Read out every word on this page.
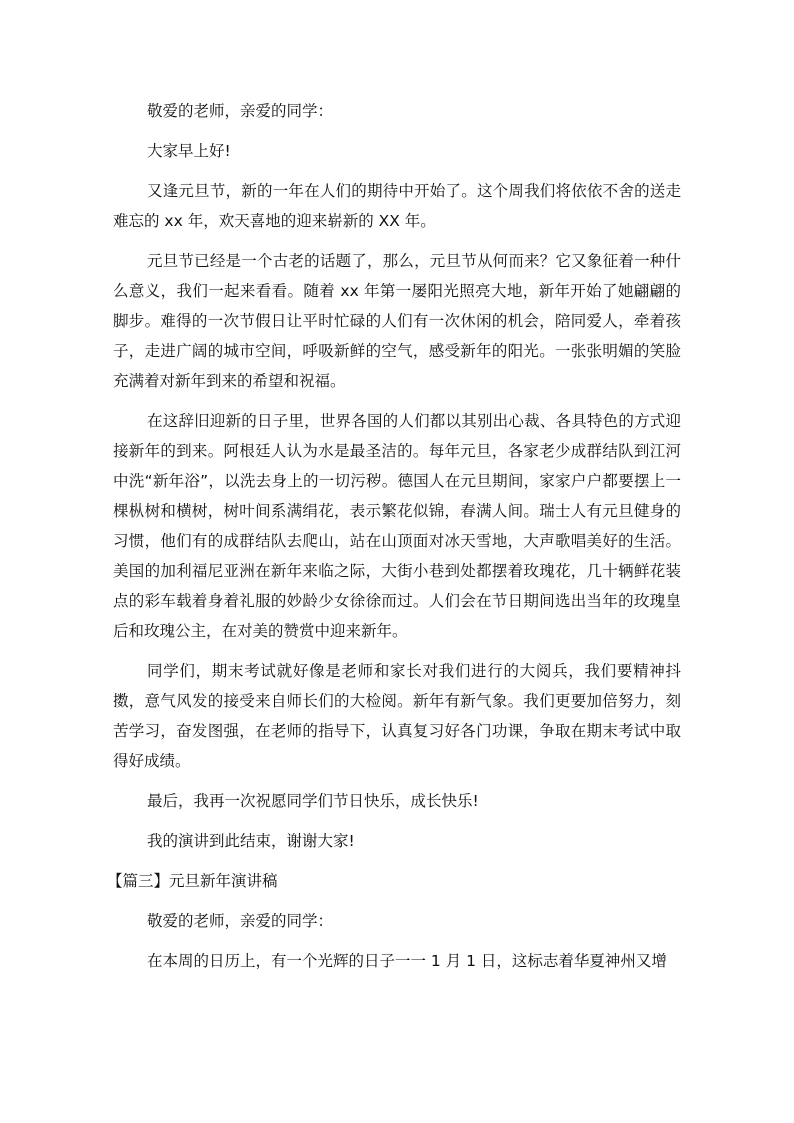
敬爱的老师，亲爱的同学：

大家早上好!

又逢元旦节，新的一年在人们的期待中开始了。这个周我们将依依不舍的送走难忘的 xx 年，欢天喜地的迎来崭新的 XX 年。

元旦节已经是一个古老的话题了，那么，元旦节从何而来？它又象征着一种什么意义，我们一起来看看。随着 xx 年第一屡阳光照亮大地，新年开始了她翩翩的脚步。难得的一次节假日让平时忙碌的人们有一次休闲的机会，陪同爱人，牵着孩子，走进广阔的城市空间，呼吸新鲜的空气，感受新年的阳光。一张张明媚的笑脸充满着对新年到来的希望和祝福。

在这辞旧迎新的日子里，世界各国的人们都以其别出心裁、各具特色的方式迎接新年的到来。阿根廷人认为水是最圣洁的。每年元旦，各家老少成群结队到江河中洗“新年浴”，以洗去身上的一切污秽。德国人在元旦期间，家家户户都要摆上一棵枞树和横树，树叶间系满绢花，表示繁花似锦，春满人间。瑞士人有元旦健身的习惯，他们有的成群结队去爬山，站在山顶面对冰天雪地，大声歌唱美好的生活。美国的加利福尼亚洲在新年来临之际，大街小巷到处都摆着玫瑰花，几十辆鲜花装点的彩车载着身着礼服的妙龄少女徐徐而过。人们会在节日期间选出当年的玫瑰皇后和玫瑰公主，在对美的赞赏中迎来新年。

同学们，期末考试就好像是老师和家长对我们进行的大阅兵，我们要精神抖擞，意气风发的接受来自师长们的大检阅。新年有新气象。我们更要加倍努力，刻苦学习，奋发图强，在老师的指导下，认真复习好各门功课，争取在期末考试中取得好成绩。

最后，我再一次祝愿同学们节日快乐，成长快乐!

我的演讲到此结束，谢谢大家!

【篇三】元旦新年演讲稿

敬爱的老师，亲爱的同学：

在本周的日历上，有一个光辉的日子一一 1 月 1 日，这标志着华夏神州又增
